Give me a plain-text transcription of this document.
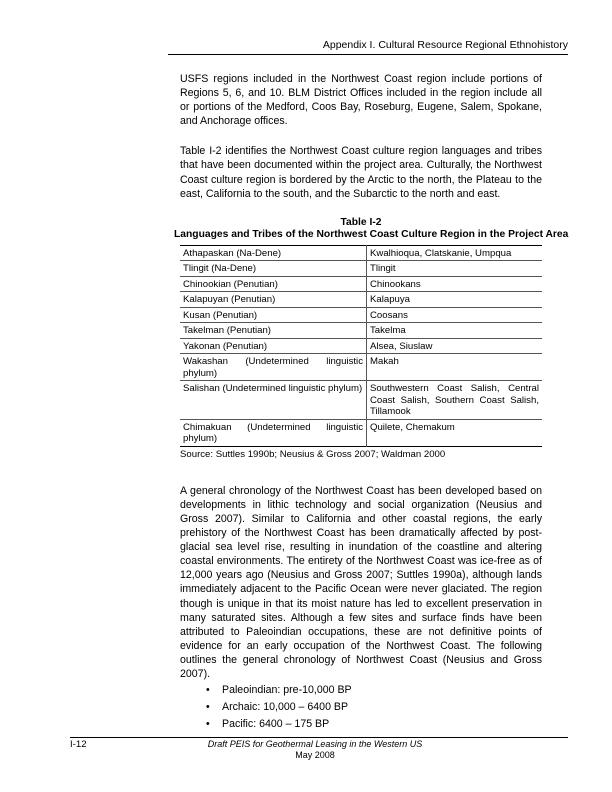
Appendix I. Cultural Resource Regional Ethnohistory

USFS regions included in the Northwest Coast region include portions of Regions 5, 6, and 10. BLM District Offices included in the region include all or portions of the Medford, Coos Bay, Roseburg, Eugene, Salem, Spokane, and Anchorage offices.

Table I-2 identifies the Northwest Coast culture region languages and tribes that have been documented within the project area. Culturally, the Northwest Coast culture region is bordered by the Arctic to the north, the Plateau to the east, California to the south, and the Subarctic to the north and east.

Table I-2
Languages and Tribes of the Northwest Coast Culture Region in the Project Area
Athapaskan (Na-Dene)	Kwalhioqua, Clatskanie, Umpqua
Tlingit (Na-Dene)	Tlingit
Chinookian (Penutian)	Chinookans
Kalapuyan (Penutian)	Kalapuya
Kusan (Penutian)	Coosans
Takelman (Penutian)	Takelma
Yakonan (Penutian)	Alsea, Siuslaw
Wakashan (Undetermined linguistic phylum)	Makah
Salishan (Undetermined linguistic phylum)	Southwestern Coast Salish, Central Coast Salish, Southern Coast Salish, Tillamook
Chimakuan (Undetermined linguistic phylum)	Quilete, Chemakum
Source: Suttles 1990b; Neusius & Gross 2007; Waldman 2000

A general chronology of the Northwest Coast has been developed based on developments in lithic technology and social organization (Neusius and Gross 2007). Similar to California and other coastal regions, the early prehistory of the Northwest Coast has been dramatically affected by post-glacial sea level rise, resulting in inundation of the coastline and altering coastal environments. The entirety of the Northwest Coast was ice-free as of 12,000 years ago (Neusius and Gross 2007; Suttles 1990a), although lands immediately adjacent to the Pacific Ocean were never glaciated. The region though is unique in that its moist nature has led to excellent preservation in many saturated sites. Although a few sites and surface finds have been attributed to Paleoindian occupations, these are not definitive points of evidence for an early occupation of the Northwest Coast. The following outlines the general chronology of Northwest Coast (Neusius and Gross 2007).

• Paleoindian: pre-10,000 BP
• Archaic: 10,000 – 6400 BP
• Pacific: 6400 – 175 BP
I-12	Draft PEIS for Geothermal Leasing in the Western US
May 2008
